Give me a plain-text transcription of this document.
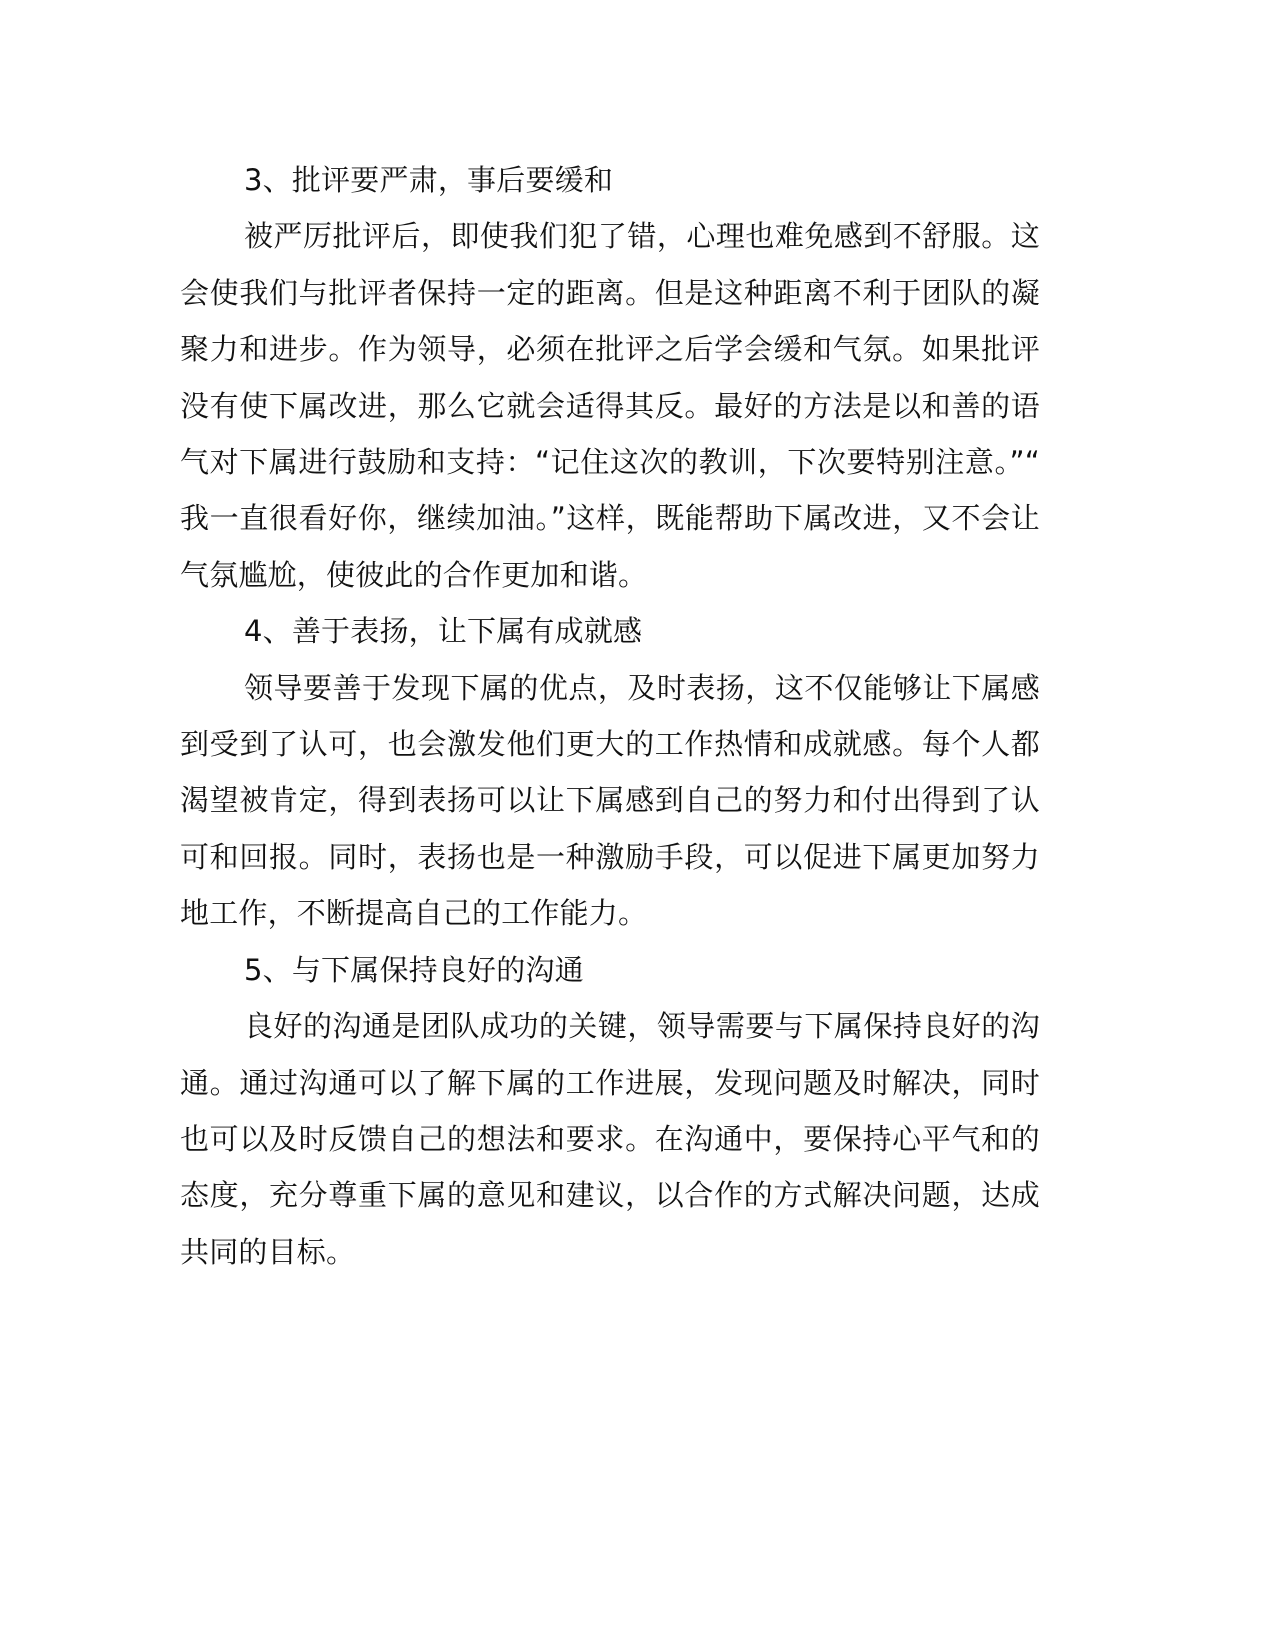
3、批评要严肃，事后要缓和

被严厉批评后，即使我们犯了错，心理也难免感到不舒服。这会使我们与批评者保持一定的距离。但是这种距离不利于团队的凝聚力和进步。作为领导，必须在批评之后学会缓和气氛。如果批评没有使下属改进，那么它就会适得其反。最好的方法是以和善的语气对下属进行鼓励和支持：“记住这次的教训，下次要特别注意。”“我一直很看好你，继续加油。”这样，既能帮助下属改进，又不会让气氛尴尬，使彼此的合作更加和谐。

4、善于表扬，让下属有成就感

领导要善于发现下属的优点，及时表扬，这不仅能够让下属感到受到了认可，也会激发他们更大的工作热情和成就感。每个人都渴望被肯定，得到表扬可以让下属感到自己的努力和付出得到了认可和回报。同时，表扬也是一种激励手段，可以促进下属更加努力地工作，不断提高自己的工作能力。

5、与下属保持良好的沟通

良好的沟通是团队成功的关键，领导需要与下属保持良好的沟通。通过沟通可以了解下属的工作进展，发现问题及时解决，同时也可以及时反馈自己的想法和要求。在沟通中，要保持心平气和的态度，充分尊重下属的意见和建议，以合作的方式解决问题，达成共同的目标。
